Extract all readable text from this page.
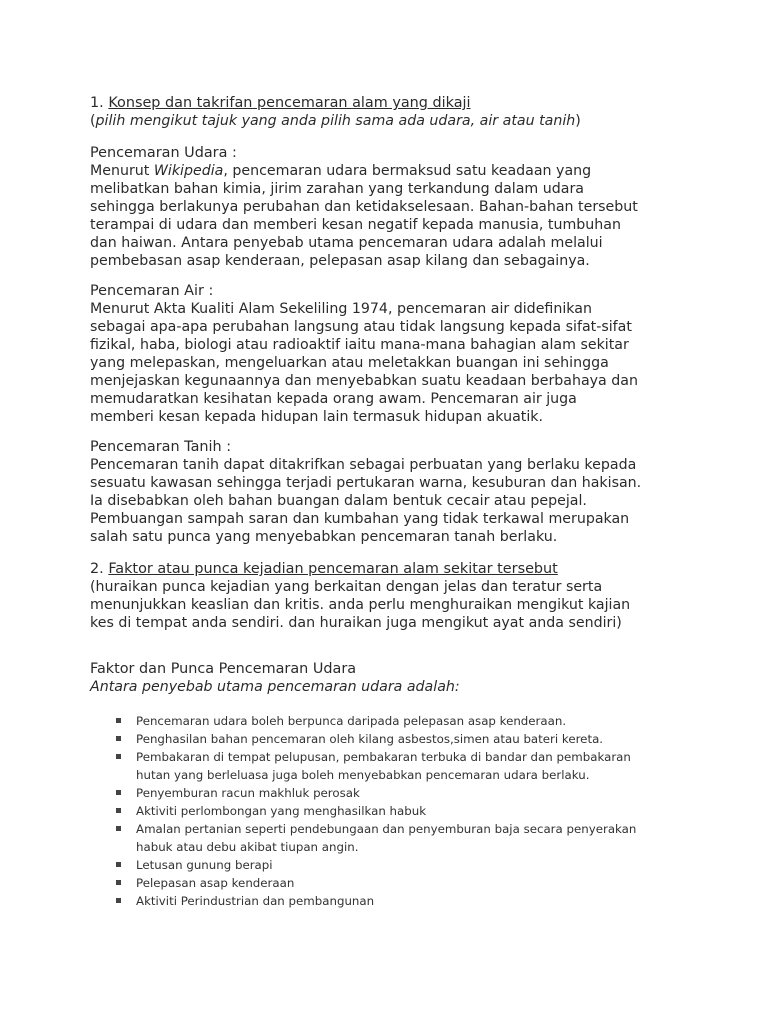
1. Konsep dan takrifan pencemaran alam yang dikaji
(pilih mengikut tajuk yang anda pilih sama ada udara, air atau tanih)
Pencemaran Udara :
Menurut Wikipedia, pencemaran udara bermaksud satu keadaan yang
melibatkan bahan kimia, jirim zarahan yang terkandung dalam udara
sehingga berlakunya perubahan dan ketidakselesaan. Bahan-bahan tersebut
terampai di udara dan memberi kesan negatif kepada manusia, tumbuhan
dan haiwan. Antara penyebab utama pencemaran udara adalah melalui
pembebasan asap kenderaan, pelepasan asap kilang dan sebagainya.
Pencemaran Air :
Menurut Akta Kualiti Alam Sekeliling 1974, pencemaran air didefinikan
sebagai apa-apa perubahan langsung atau tidak langsung kepada sifat-sifat
fizikal, haba, biologi atau radioaktif iaitu mana-mana bahagian alam sekitar
yang melepaskan, mengeluarkan atau meletakkan buangan ini sehingga
menjejaskan kegunaannya dan menyebabkan suatu keadaan berbahaya dan
memudaratkan kesihatan kepada orang awam. Pencemaran air juga
memberi kesan kepada hidupan lain termasuk hidupan akuatik.
Pencemaran Tanih :
Pencemaran tanih dapat ditakrifkan sebagai perbuatan yang berlaku kepada
sesuatu kawasan sehingga terjadi pertukaran warna, kesuburan dan hakisan.
Ia disebabkan oleh bahan buangan dalam bentuk cecair atau pepejal.
Pembuangan sampah saran dan kumbahan yang tidak terkawal merupakan
salah satu punca yang menyebabkan pencemaran tanah berlaku.
2. Faktor atau punca kejadian pencemaran alam sekitar tersebut
(huraikan punca kejadian yang berkaitan dengan jelas dan teratur serta
menunjukkan keaslian dan kritis. anda perlu menghuraikan mengikut kajian
kes di tempat anda sendiri. dan huraikan juga mengikut ayat anda sendiri)
Faktor dan Punca Pencemaran Udara
Antara penyebab utama pencemaran udara adalah:
Pencemaran udara boleh berpunca daripada pelepasan asap kenderaan.
Penghasilan bahan pencemaran oleh kilang asbestos,simen atau bateri kereta.
Pembakaran di tempat pelupusan, pembakaran terbuka di bandar dan pembakaran
hutan yang berleluasa juga boleh menyebabkan pencemaran udara berlaku.
Penyemburan racun makhluk perosak
Aktiviti perlombongan yang menghasilkan habuk
Amalan pertanian seperti pendebungaan dan penyemburan baja secara penyerakan
habuk atau debu akibat tiupan angin.
Letusan gunung berapi
Pelepasan asap kenderaan
Aktiviti Perindustrian dan pembangunan
